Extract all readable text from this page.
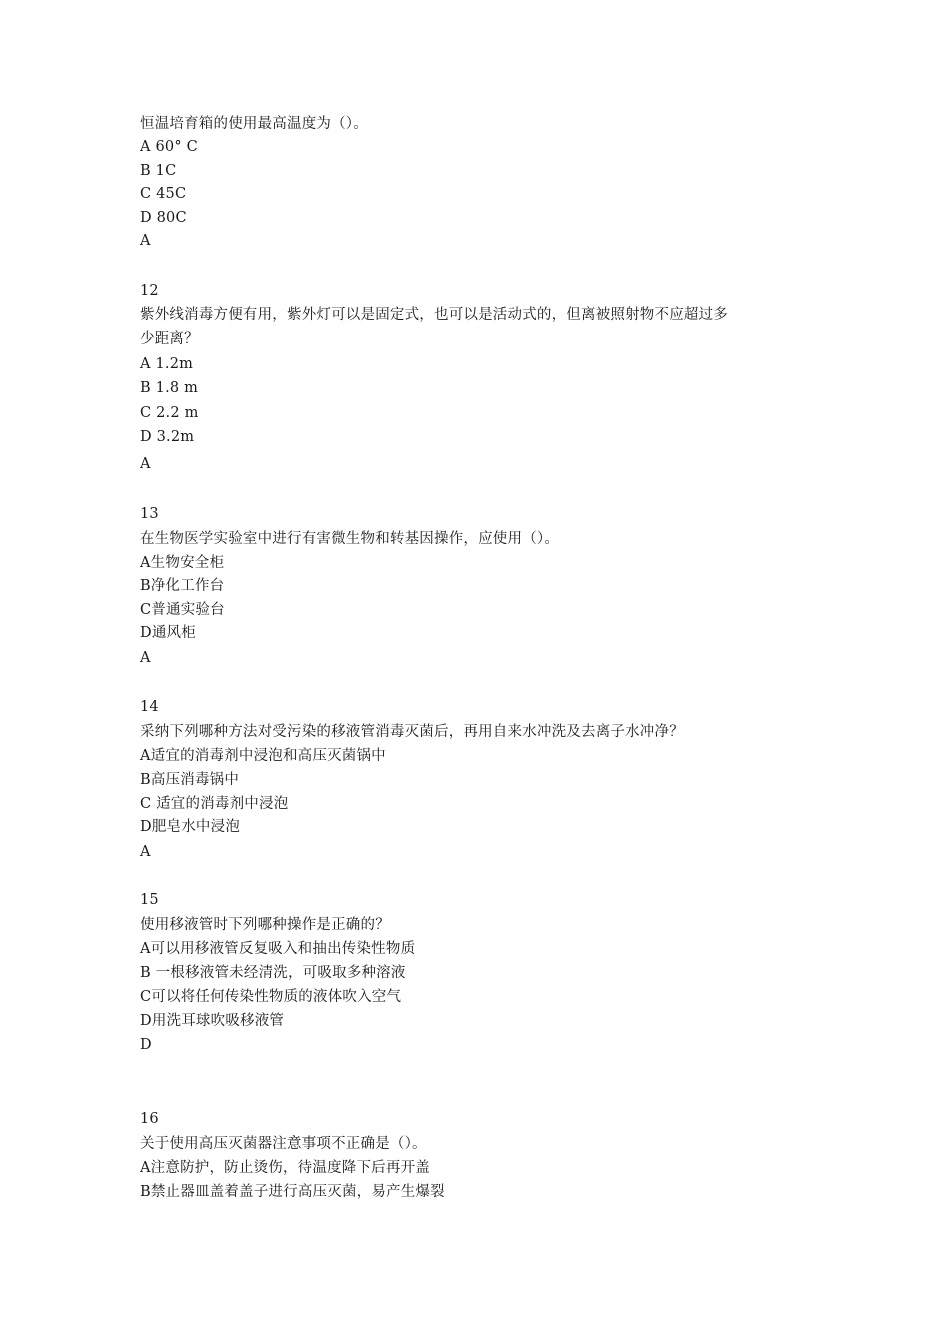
恒温培育箱的使用最高温度为（）。
A 60° C
B 1C
C 45C
D 80C
A
12
紫外线消毒方便有用，紫外灯可以是固定式，也可以是活动式的，但离被照射物不应超过多
少距离？
A 1.2m
B 1.8 m
C 2.2 m
D 3.2m
A
13
在生物医学实验室中进行有害微生物和转基因操作，应使用（）。
A生物安全柜
B净化工作台
C普通实验台
D通风柜
A
14
采纳下列哪种方法对受污染的移液管消毒灭菌后，再用自来水冲洗及去离子水冲净？
A适宜的消毒剂中浸泡和高压灭菌锅中
B高压消毒锅中
C 适宜的消毒剂中浸泡
D肥皂水中浸泡
A
15
使用移液管时下列哪种操作是正确的？
A可以用移液管反复吸入和抽出传染性物质
B 一根移液管未经清洗，可吸取多种溶液
C可以将任何传染性物质的液体吹入空气
D用洗耳球吹吸移液管
D
16
关于使用高压灭菌器注意事项不正确是（）。
A注意防护，防止烫伤，待温度降下后再开盖
B禁止器皿盖着盖子进行高压灭菌，易产生爆裂
